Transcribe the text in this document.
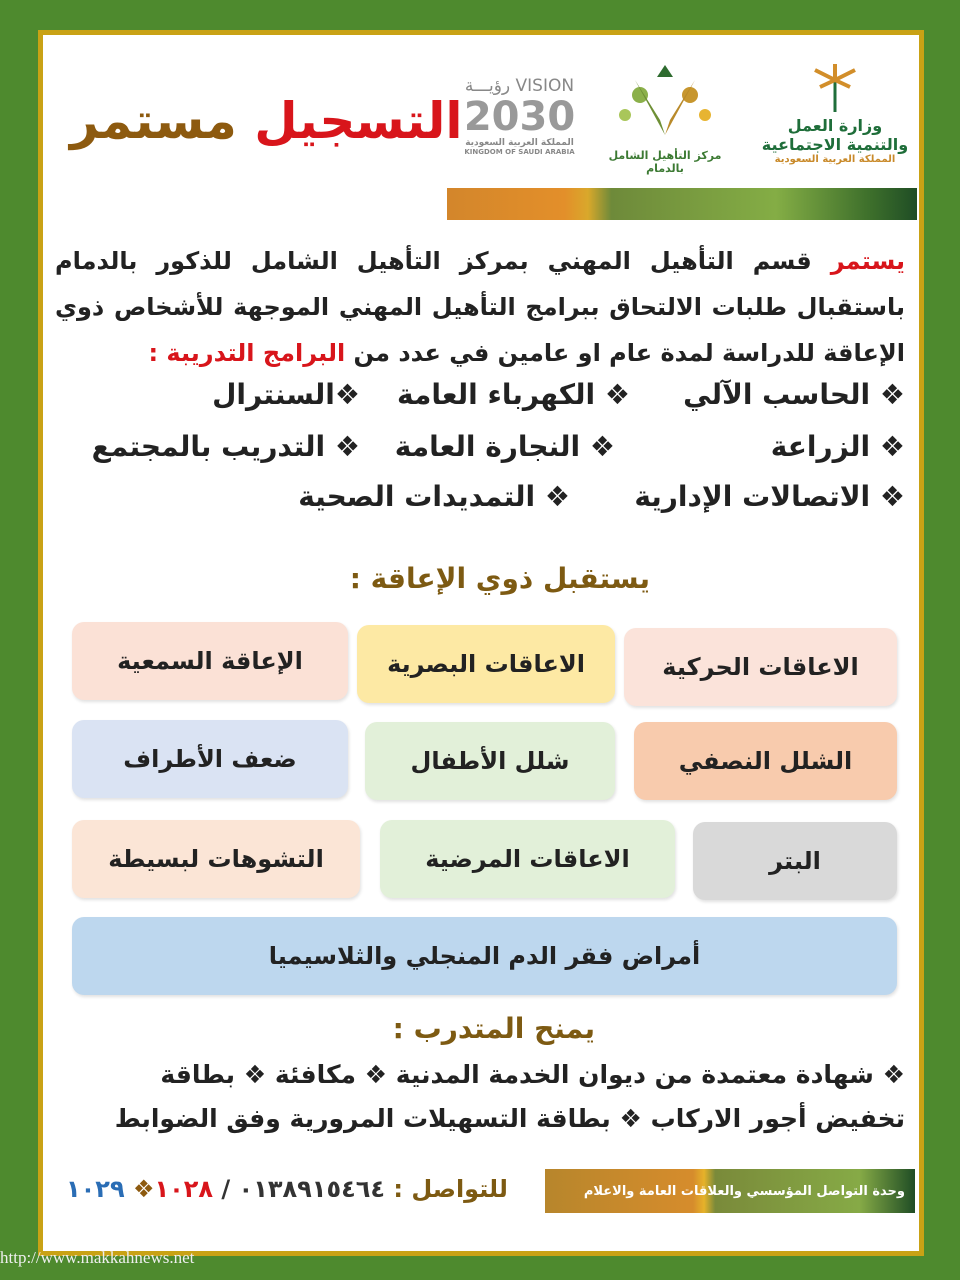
التسجيل مستمر
VISION رؤيـــة
2030
المملكة العربية السعودية
KINGDOM OF SAUDI ARABIA	مركز التأهيل الشامل بالدمام
وزارة العمل
والتنمية الاجتماعية
المملكة العربية السعودية
يستمر قسم التأهيل المهني بمركز التأهيل الشامل للذكور بالدمام باستقبال طلبات الالتحاق ببرامج التأهيل المهني الموجهة للأشخاص ذوي الإعاقة للدراسة لمدة عام او عامين في عدد من البرامج التدريبة :
❖ الحاسب الآلي
❖ الكهرباء العامة
❖السنترال
❖ الزراعة
❖ النجارة العامة
❖ التدريب بالمجتمع
❖ الاتصالات الإدارية
❖ التمديدات الصحية
يستقبل ذوي الإعاقة :
الاعاقات الحركية
الاعاقات البصرية
الإعاقة السمعية
الشلل النصفي
شلل الأطفال
ضعف الأطراف
البتر
الاعاقات المرضية
التشوهات لبسيطة
أمراض فقر الدم المنجلي والثلاسيميا
يمنح المتدرب :
❖ شهادة معتمدة من ديوان الخدمة المدنية ❖ مكافئة ❖ بطاقة
تخفيض أجور الاركاب ❖ بطاقة التسهيلات المرورية وفق الضوابط
وحدة التواصل المؤسسي والعلاقات العامة والاعلام
للتواصل : ٠١٣٨٩١٥٤٦٤ / ١٠٢٨❖ ١٠٢٩
http://www.makkahnews.net
